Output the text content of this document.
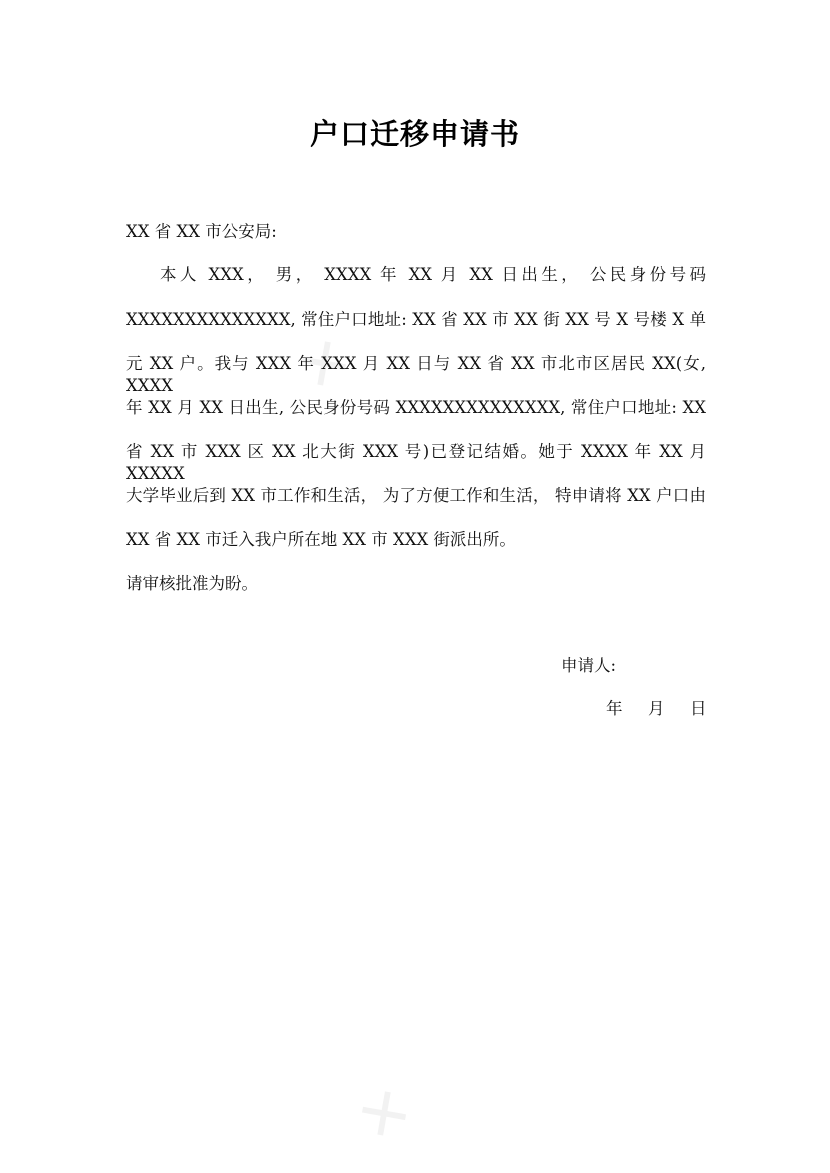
✕
✕
户口迁移申请书
XX 省 XX 市公安局:
本人 XXX， 男， XXXX 年 XX 月 XX 日出生， 公民身份号码
XXXXXXXXXXXXXX, 常住户口地址: XX 省 XX 市 XX 街 XX 号 X 号楼 X 单
元 XX 户。我与 XXX 年 XXX 月 XX 日与 XX 省 XX 市北市区居民 XX(女, XXXX
年 XX 月 XX 日出生, 公民身份号码 XXXXXXXXXXXXXX, 常住户口地址: XX
省 XX 市 XXX 区 XX 北大街 XXX 号)已登记结婚。她于 XXXX 年 XX 月 XXXXX
大学毕业后到 XX 市工作和生活， 为了方便工作和生活， 特申请将 XX 户口由
XX 省 XX 市迁入我户所在地 XX 市 XXX 街派出所。
请审核批准为盼。
申请人:
年 月 日
